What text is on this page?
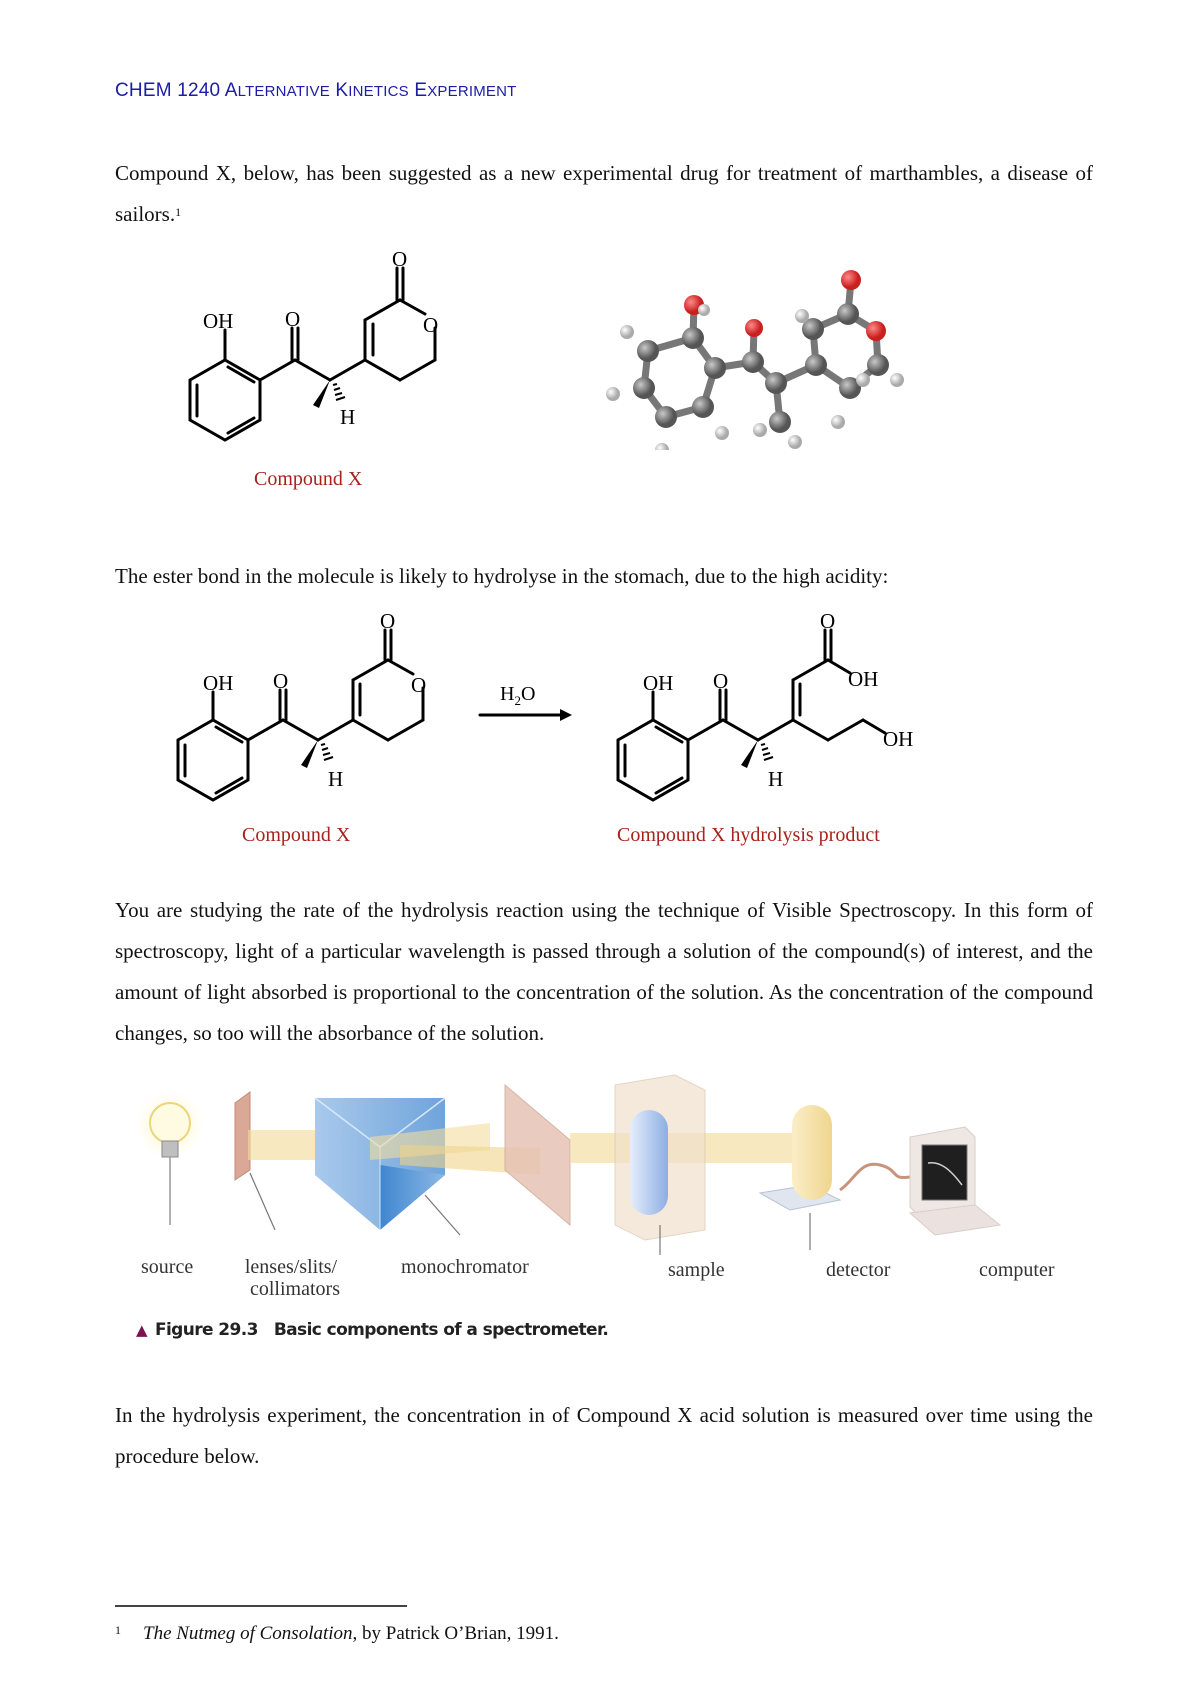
CHEM 1240 ALTERNATIVE KINETICS EXPERIMENT
Compound X, below, has been suggested as a new experimental drug for treatment of marthambles, a disease of sailors.$^1$
OH O
O
O
H
Compound X
The ester bond in the molecule is likely to hydrolyse in the stomach, due to the high acidity:
OH O
O
O
H
$H_2O$	OH O
O
OH
OH
H
Compound X	Compound X hydrolysis product
You are studying the rate of the hydrolysis reaction using the technique of Visible Spectroscopy. In this form of spectroscopy, light of a particular wavelength is passed through a solution of the compound(s) of interest, and the amount of light absorbed is proportional to the concentration of the solution. As the concentration of the compound changes, so too will the absorbance of the solution.
source	lenses/slits/
collimators
monochromator	sample	detector	computer
▲ Figure 29.3 Basic components of a spectrometer.
In the hydrolysis experiment, the concentration in of Compound X acid solution is measured over time using the procedure below.
$^1$ The Nutmeg of Consolation, by Patrick O’Brian, 1991.
